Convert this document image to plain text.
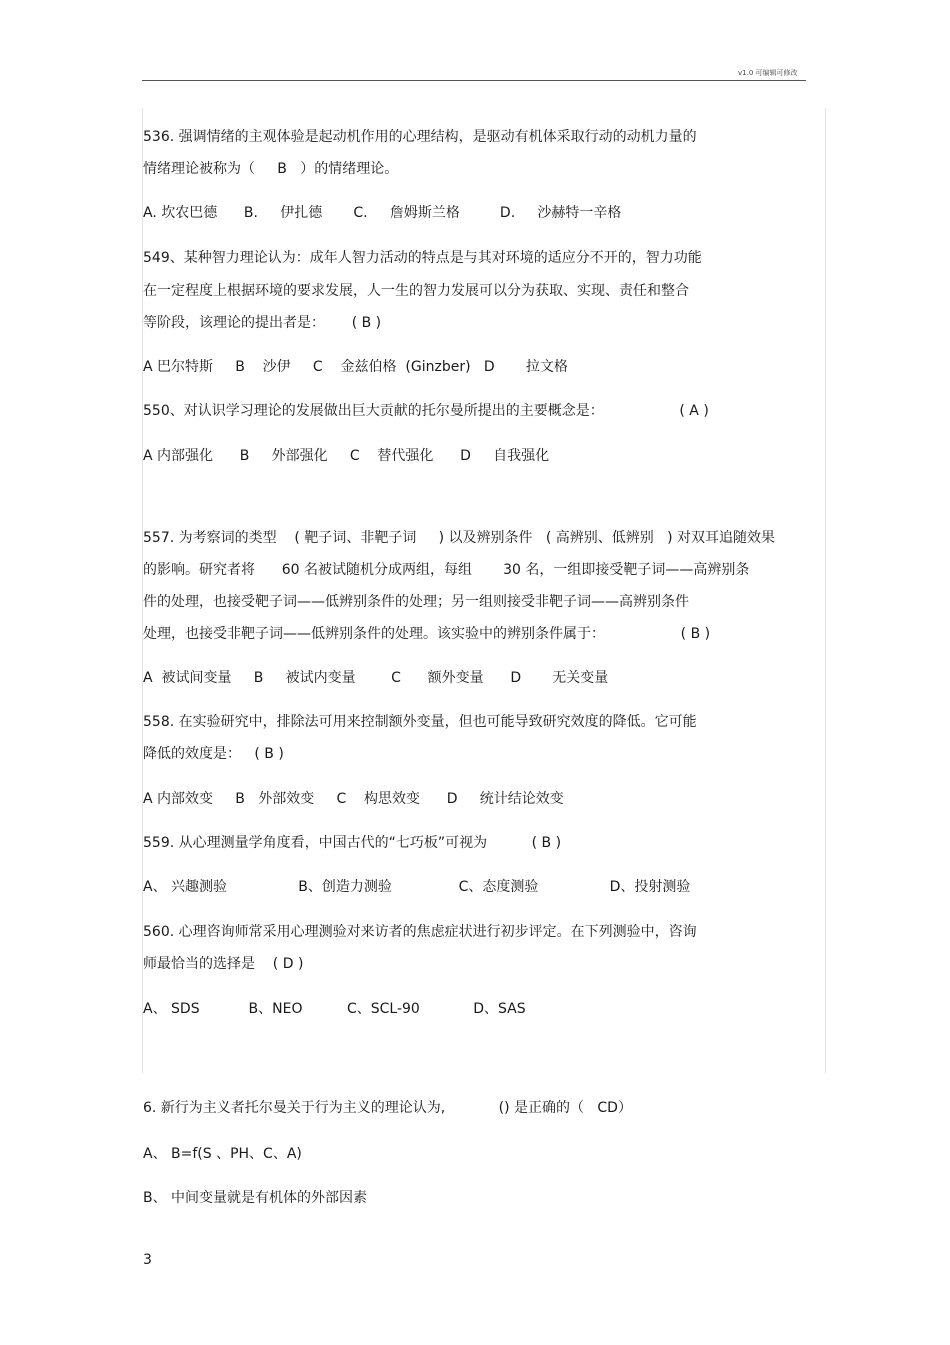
v1.0 可编辑可修改
536. 强调情绪的主观体验是起动机作用的心理结构，是驱动有机体采取行动的动机力量的
情绪理论被称为（     B   ）的情绪理论。
A. 坎农巴德      B.     伊扎德       C.     詹姆斯兰格         D.     沙赫特一辛格
549、某种智力理论认为：成年人智力活动的特点是与其对环境的适应分不开的，智力功能
在一定程度上根据环境的要求发展，人一生的智力发展可以分为获取、实现、责任和整合
等阶段，该理论的提出者是：      ( B )
A 巴尔特斯     B    沙伊     C    金兹伯格  (Ginzber)   D       拉文格
550、对认识学习理论的发展做出巨大贡献的托尔曼所提出的主要概念是：                 ( A )
A 内部强化      B     外部强化     C    替代强化      D     自我强化
557. 为考察词的类型    ( 靶子词、非靶子词     ) 以及辨别条件   ( 高辨别、低辨别   ) 对双耳追随效果
的影响。研究者将      60 名被试随机分成两组，每组       30 名，一组即接受靶子词——高辨别条
件的处理，也接受靶子词——低辨别条件的处理；另一组则接受非靶子词——高辨别条件
处理，也接受非靶子词——低辨别条件的处理。该实验中的辨别条件属于：                 ( B )
A  被试间变量     B     被试内变量        C      额外变量      D       无关变量
558. 在实验研究中，排除法可用来控制额外变量，但也可能导致研究效度的降低。它可能
降低的效度是：   ( B )
A 内部效变     B   外部效变     C    构思效变      D     统计结论效变
559. 从心理测量学角度看，中国古代的“七巧板”可视为          ( B )
A、 兴趣测验                B、创造力测验               C、态度测验                D、投射测验
560. 心理咨询师常采用心理测验对来访者的焦虑症状进行初步评定。在下列测验中，咨询
师最恰当的选择是    ( D )
A、 SDS           B、NEO          C、SCL-90            D、SAS
6. 新行为主义者托尔曼关于行为主义的理论认为,            () 是正确的（   CD）
A、 B=f(S 、PH、C、A)
B、 中间变量就是有机体的外部因素
3
